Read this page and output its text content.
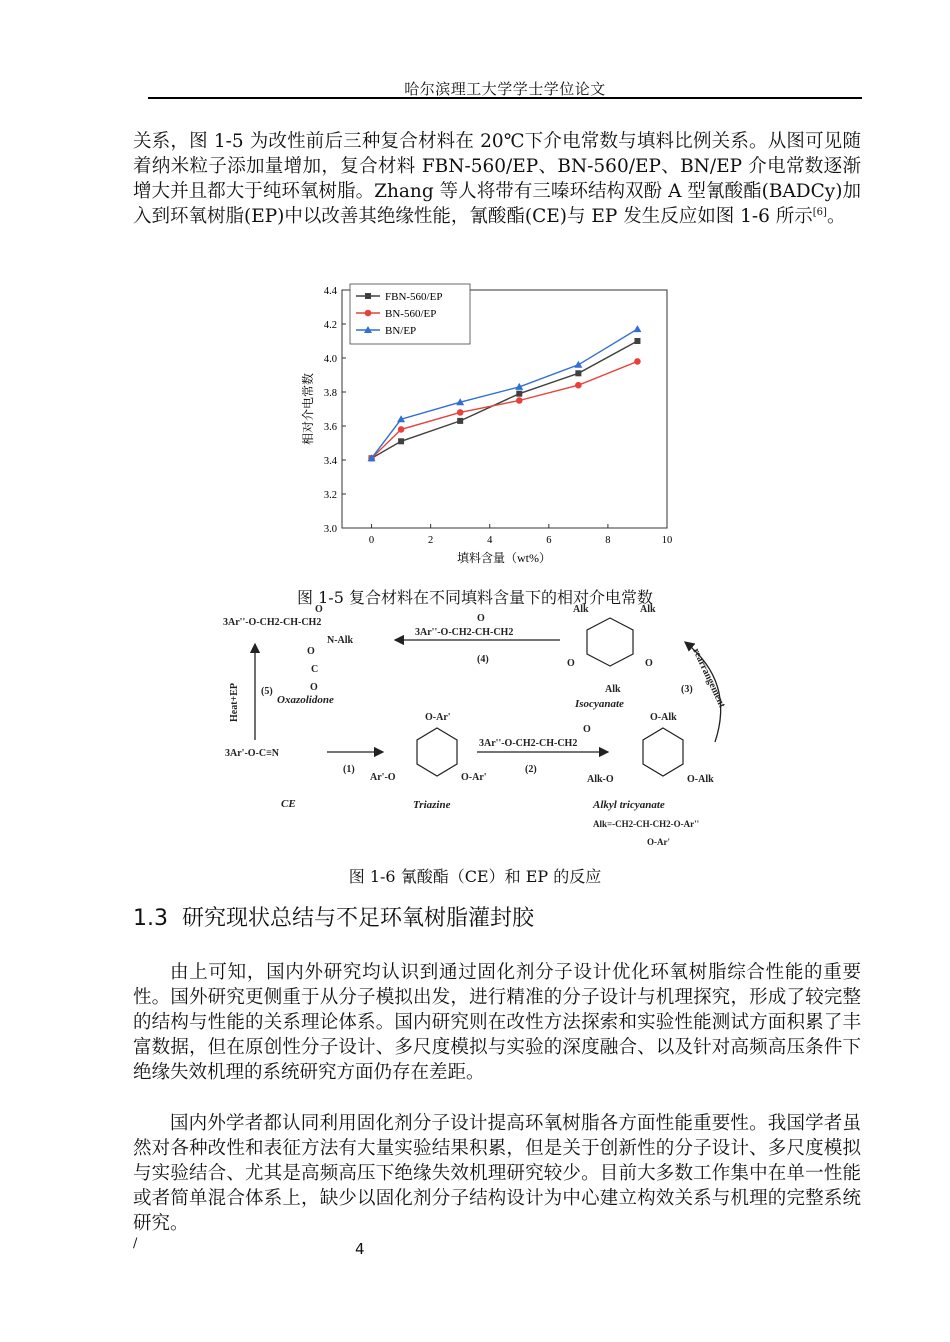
哈尔滨理工大学学士学位论文

关系，图 1-5 为改性前后三种复合材料在 20℃下介电常数与填料比例关系。从图可见随着纳米粒子添加量增加，复合材料 FBN-560/EP、BN-560/EP、BN/EP 介电常数逐渐增大并且都大于纯环氧树脂。Zhang 等人将带有三嗪环结构双酚 A 型氰酸酯(BADCy)加入到环氧树脂(EP)中以改善其绝缘性能，氰酸酯(CE)与 EP 发生反应如图 1-6 所示[6]。

3.0
3.2
3.4
3.6
3.8
4.0
4.2
4.4
0	2	4	6	8	10
FBN-560/EP
BN-560/EP
BN/EP
相对介电常数
填料含量（wt%）
图 1-5 复合材料在不同填料含量下的相对介电常数
3Ar''-O-CH2-CH-CH2
O
O
N-Alk
C
O
Oxazolidone
3Ar''-O-CH2-CH-CH2
O
(4)
Alk	Alk
O	O
Alk
Isocyanate	rearrangement
(3)
Heat+EP (5)
3Ar'-O-C≡N
(1)
CE
O-Ar'
Ar'-O	O-Ar'
Triazine
3Ar''-O-CH2-CH-CH2
O
(2)
O-Alk
Alk-O	O-Alk
Alkyl tricyanate
Alk=-CH2-CH-CH2-O-Ar''
O-Ar'
图 1-6 氰酸酯（CE）和 EP 的反应
1.3 研究现状总结与不足环氧树脂灌封胶

由上可知，国内外研究均认识到通过固化剂分子设计优化环氧树脂综合性能的重要性。国外研究更侧重于从分子模拟出发，进行精准的分子设计与机理探究，形成了较完整的结构与性能的关系理论体系。国内研究则在改性方法探索和实验性能测试方面积累了丰富数据，但在原创性分子设计、多尺度模拟与实验的深度融合、以及针对高频高压条件下绝缘失效机理的系统研究方面仍存在差距。

国内外学者都认同利用固化剂分子设计提高环氧树脂各方面性能重要性。我国学者虽然对各种改性和表征方法有大量实验结果积累，但是关于创新性的分子设计、多尺度模拟与实验结合、尤其是高频高压下绝缘失效机理研究较少。目前大多数工作集中在单一性能或者简单混合体系上，缺少以固化剂分子结构设计为中心建立构效关系与机理的完整系统研究。

/	4
